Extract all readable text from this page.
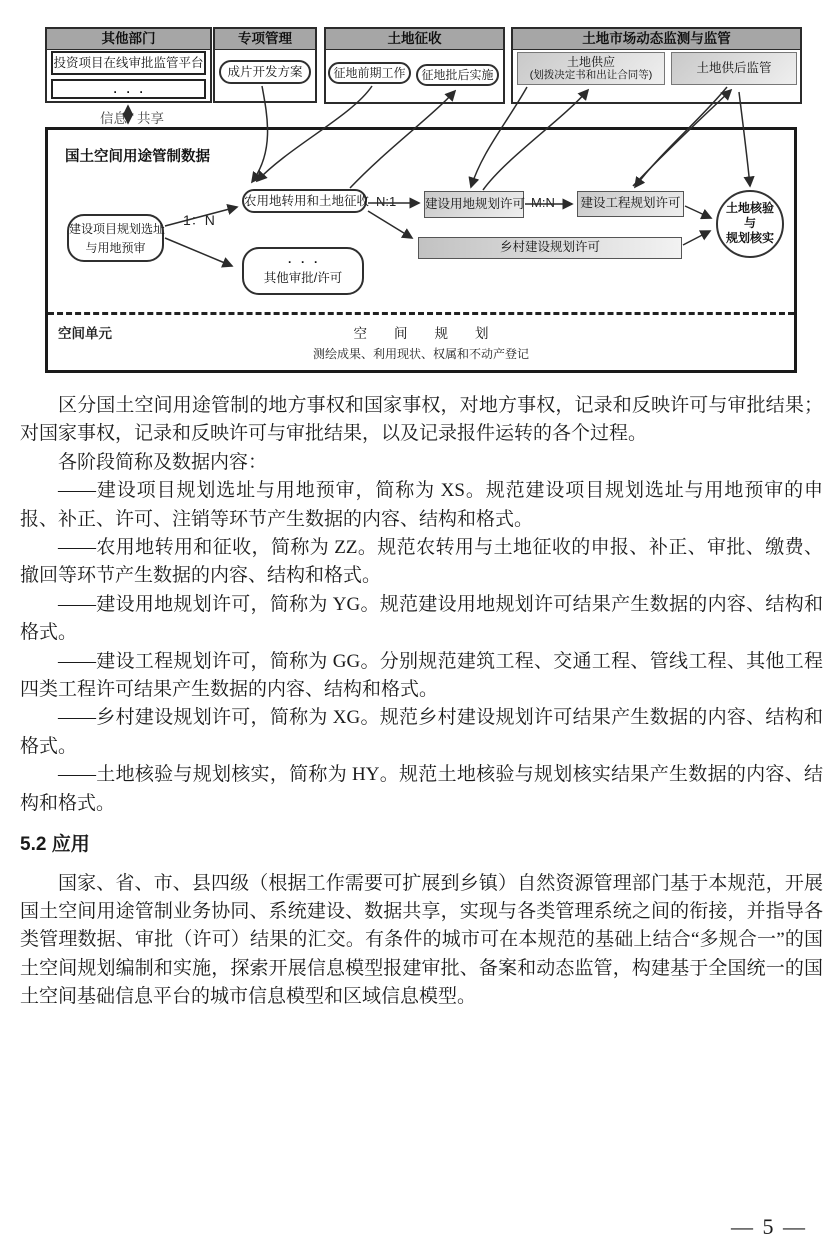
其他部门
投资项目在线审批监管平台
···
专项管理
成片开发方案
土地征收
征地前期工作	征地批后实施
土地市场动态监测与监管
土地供应
(划拨决定书和出让合同等)	土地供后监管
信息 共享
国土空间用途管制数据
建设项目规划选址
与用地预审
农用地转用和土地征收
···
其他审批/许可
建设用地规划许可	建设工程规划许可
乡村建设规划许可
土地核验
与
规划核实
1：N
N:1	M:N
空间单元	空　　间　　规　　划
测绘成果、利用现状、权属和不动产登记

区分国土空间用途管制的地方事权和国家事权，对地方事权，记录和反映许可与审批结果；对国家事权，记录和反映许可与审批结果，以及记录报件运转的各个过程。

各阶段简称及数据内容：

——建设项目规划选址与用地预审，简称为 XS。规范建设项目规划选址与用地预审的申报、补正、许可、注销等环节产生数据的内容、结构和格式。

——农用地转用和征收，简称为 ZZ。规范农转用与土地征收的申报、补正、审批、缴费、撤回等环节产生数据的内容、结构和格式。

——建设用地规划许可，简称为 YG。规范建设用地规划许可结果产生数据的内容、结构和格式。

——建设工程规划许可，简称为 GG。分别规范建筑工程、交通工程、管线工程、其他工程四类工程许可结果产生数据的内容、结构和格式。

——乡村建设规划许可，简称为 XG。规范乡村建设规划许可结果产生数据的内容、结构和格式。

——土地核验与规划核实，简称为 HY。规范土地核验与规划核实结果产生数据的内容、结构和格式。

5.2 应用

国家、省、市、县四级（根据工作需要可扩展到乡镇）自然资源管理部门基于本规范，开展国土空间用途管制业务协同、系统建设、数据共享，实现与各类管理系统之间的衔接，并指导各类管理数据、审批（许可）结果的汇交。有条件的城市可在本规范的基础上结合“多规合一”的国土空间规划编制和实施，探索开展信息模型报建审批、备案和动态监管，构建基于全国统一的国土空间基础信息平台的城市信息模型和区域信息模型。

— 5 —
